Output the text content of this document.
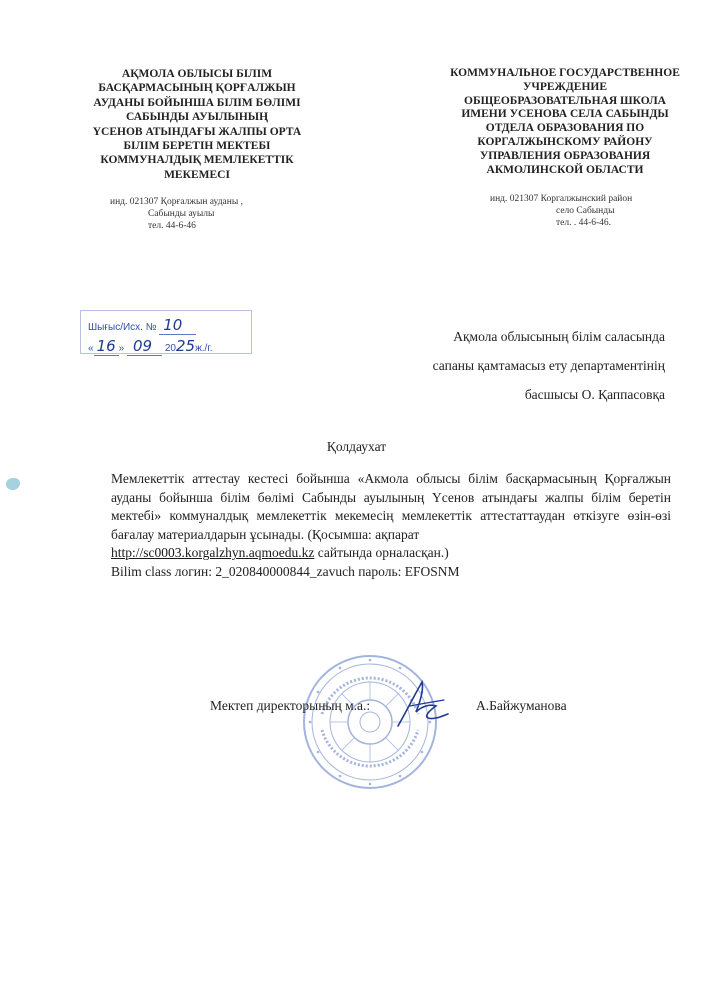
АҚМОЛА ОБЛЫСЫ БІЛІМ
БАСҚАРМАСЫНЫҢ ҚОРҒАЛЖЫН
АУДАНЫ БОЙЫНША БІЛІМ БӨЛІМІ
САБЫНДЫ АУЫЛЫНЫҢ
ҮСЕНОВ АТЫНДАҒЫ ЖАЛПЫ ОРТА
БІЛІМ БЕРЕТІН МЕКТЕБІ
КОММУНАЛДЫҚ МЕМЛЕКЕТТІК
МЕКЕМЕСІ
КОММУНАЛЬНОЕ ГОСУДАРСТВЕННОЕ
УЧРЕЖДЕНИЕ
ОБЩЕОБРАЗОВАТЕЛЬНАЯ ШКОЛА
ИМЕНИ УСЕНОВА СЕЛА САБЫНДЫ
ОТДЕЛА ОБРАЗОВАНИЯ ПО
КОРГАЛЖЫНСКОМУ РАЙОНУ
УПРАВЛЕНИЯ ОБРАЗОВАНИЯ
АКМОЛИНСКОЙ ОБЛАСТИ
инд. 021307 Қорғалжын ауданы ,
Сабынды ауылы
тел. 44-6-46
инд. 021307 Коргалжынский район
село Сабынды
тел. . 44-6-46.
Шығыс/Исх. № 10
« 16 » 09 2025ж./г.
Ақмола облысының білім саласында
сапаны қамтамасыз ету департаментінің
басшысы О. Қаппасовқа
Қолдаухат
Мемлекеттік аттестау кестесі бойынша «Акмола облысы білім басқармасының Қорғалжын ауданы бойынша білім бөлімі Сабынды ауылының Үсенов атындағы жалпы білім беретін мектебі» коммуналдық мемлекеттік мекемесің мемлекеттік аттестаттаудан өткізуге өзін-өзі бағалау материалдарын ұсынады. (Қосымша: ақпарат
http://sc0003.korgalzhyn.aqmoedu.kz сайтында орналасқан.)
Bilim class логин: 2_020840000844_zavuch пароль: EFOSNM
Мектеп директорының м.а.:	А.Байжуманова
